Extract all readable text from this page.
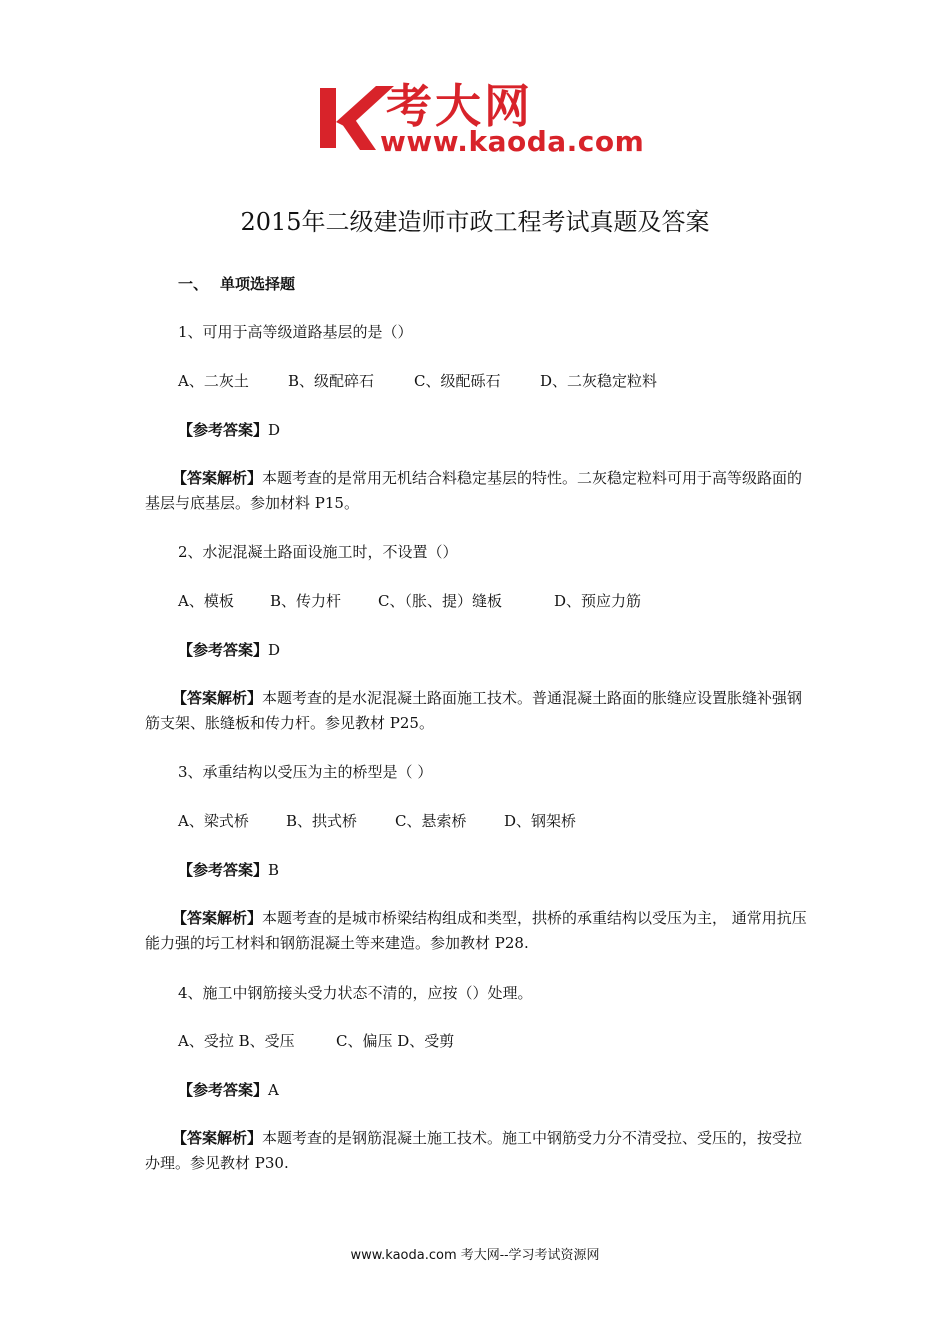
考大网
www.kaoda.com
2015年二级建造师市政工程考试真题及答案
一、 单项选择题
1、可用于高等级道路基层的是（）
A、二灰土	B、级配碎石	C、级配砾石	D、二灰稳定粒料
【参考答案】D
【答案解析】本题考查的是常用无机结合料稳定基层的特性。二灰稳定粒料可用于高等级路面的基层与底基层。参加材料 P15。
2、水泥混凝土路面设施工时，不设置（）
A、模板 B、传力杆 C、（胀、提）缝板	D、预应力筋
【参考答案】D
【答案解析】本题考查的是水泥混凝土路面施工技术。普通混凝土路面的胀缝应设置胀缝补强钢筋支架、胀缝板和传力杆。参见教材 P25。
3、承重结构以受压为主的桥型是（ ）
A、梁式桥 B、拱式桥	C、悬索桥	D、钢架桥
【参考答案】B
【答案解析】本题考查的是城市桥梁结构组成和类型，拱桥的承重结构以受压为主， 通常用抗压能力强的圬工材料和钢筋混凝土等来建造。参加教材 P28.
4、施工中钢筋接头受力状态不清的，应按（）处理。
A、受拉 B、受压	C、偏压 D、受剪
【参考答案】A
【答案解析】本题考查的是钢筋混凝土施工技术。施工中钢筋受力分不清受拉、受压的，按受拉办理。参见教材 P30.
www.kaoda.com 考大网--学习考试资源网
